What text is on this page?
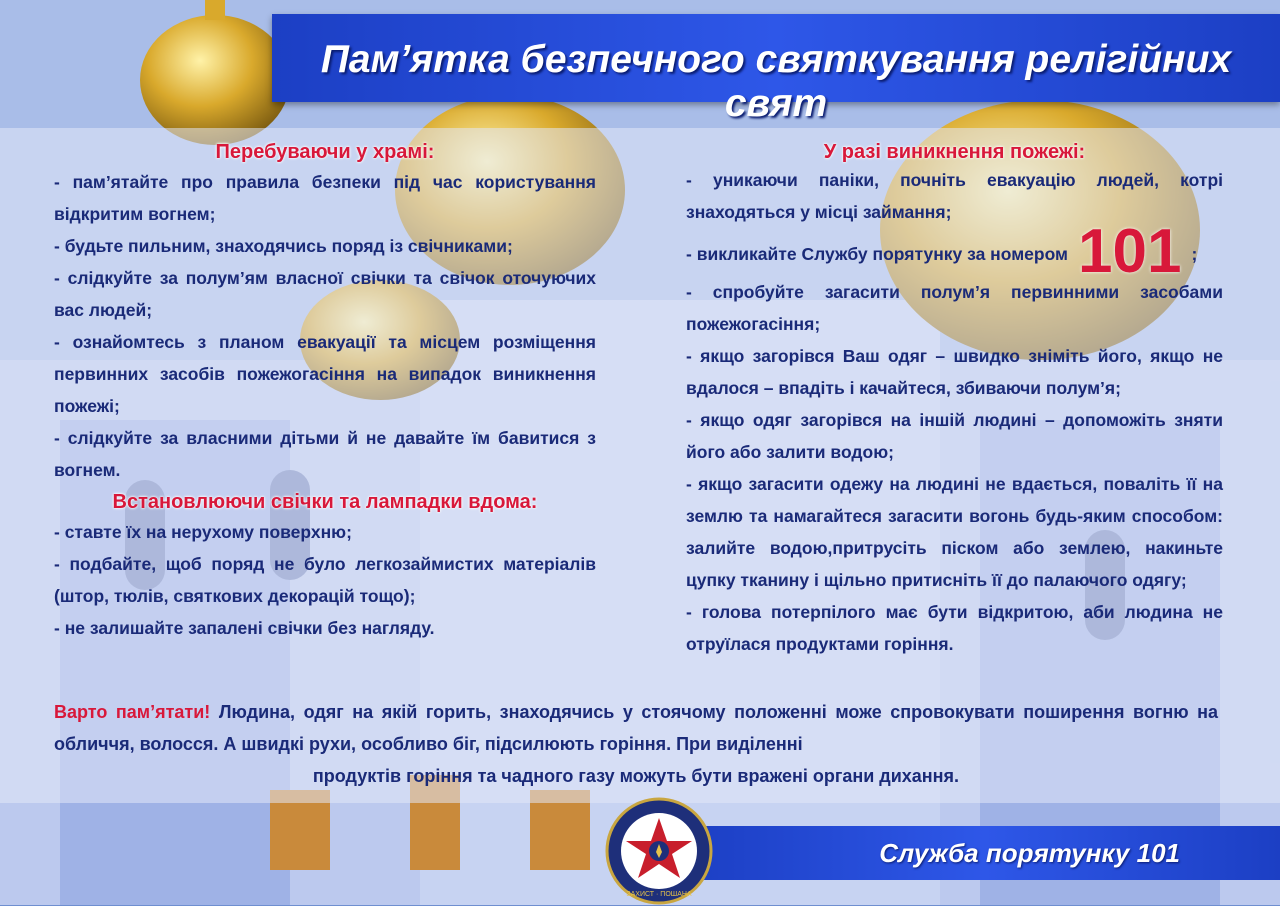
Пам’ятка безпечного святкування релігійних свят
Перебуваючи у храмі:
- пам’ятайте про правила безпеки під час користування відкритим вогнем;
- будьте пильним, знаходячись поряд із свічниками;
- слідкуйте за полум’ям власної свічки та свічок оточуючих вас людей;
- ознайомтесь з планом евакуації та місцем розміщення первинних засобів пожежогасіння на випадок виникнення пожежі;
- слідкуйте за власними дітьми й не давайте їм бавитися з вогнем.
Встановлюючи свічки та лампадки вдома:
- ставте їх на нерухому поверхню;
- подбайте, щоб поряд не було легкозаймистих матеріалів (штор, тюлів, святкових декорацій тощо);
- не залишайте запалені свічки без нагляду.
У разі виникнення пожежі:
- уникаючи паніки, почніть евакуацію людей, котрі знаходяться у місці займання;
- викликайте Службу порятунку за номером 101 ;
- спробуйте загасити полум’я первинними засобами пожежогасіння;
- якщо загорівся Ваш одяг – швидко зніміть його, якщо не вдалося – впадіть і качайтеся, збиваючи полум’я;
- якщо одяг загорівся на іншій людині – допоможіть зняти його або залити водою;
- якщо загасити одежу на людині не вдається, поваліть її на землю та намагайтеся загасити вогонь будь-яким способом: залийте водою,притрусіть піском або землею, накиньте цупку тканину і щільно притисніть її до палаючого одягу;
- голова потерпілого має бути відкритою, аби людина не отруїлася продуктами горіння.
Варто пам’ятати! Людина, одяг на якій горить, знаходячись у стоячому положенні може спровокувати поширення вогню на обличчя, волосся. А швидкі рухи, особливо біг, підсилюють горіння. При виділенні
продуктів горіння та чадного газу можуть бути вражені органи дихання.
Служба порятунку 101
ЗАХИСТ · ПОШАНА
